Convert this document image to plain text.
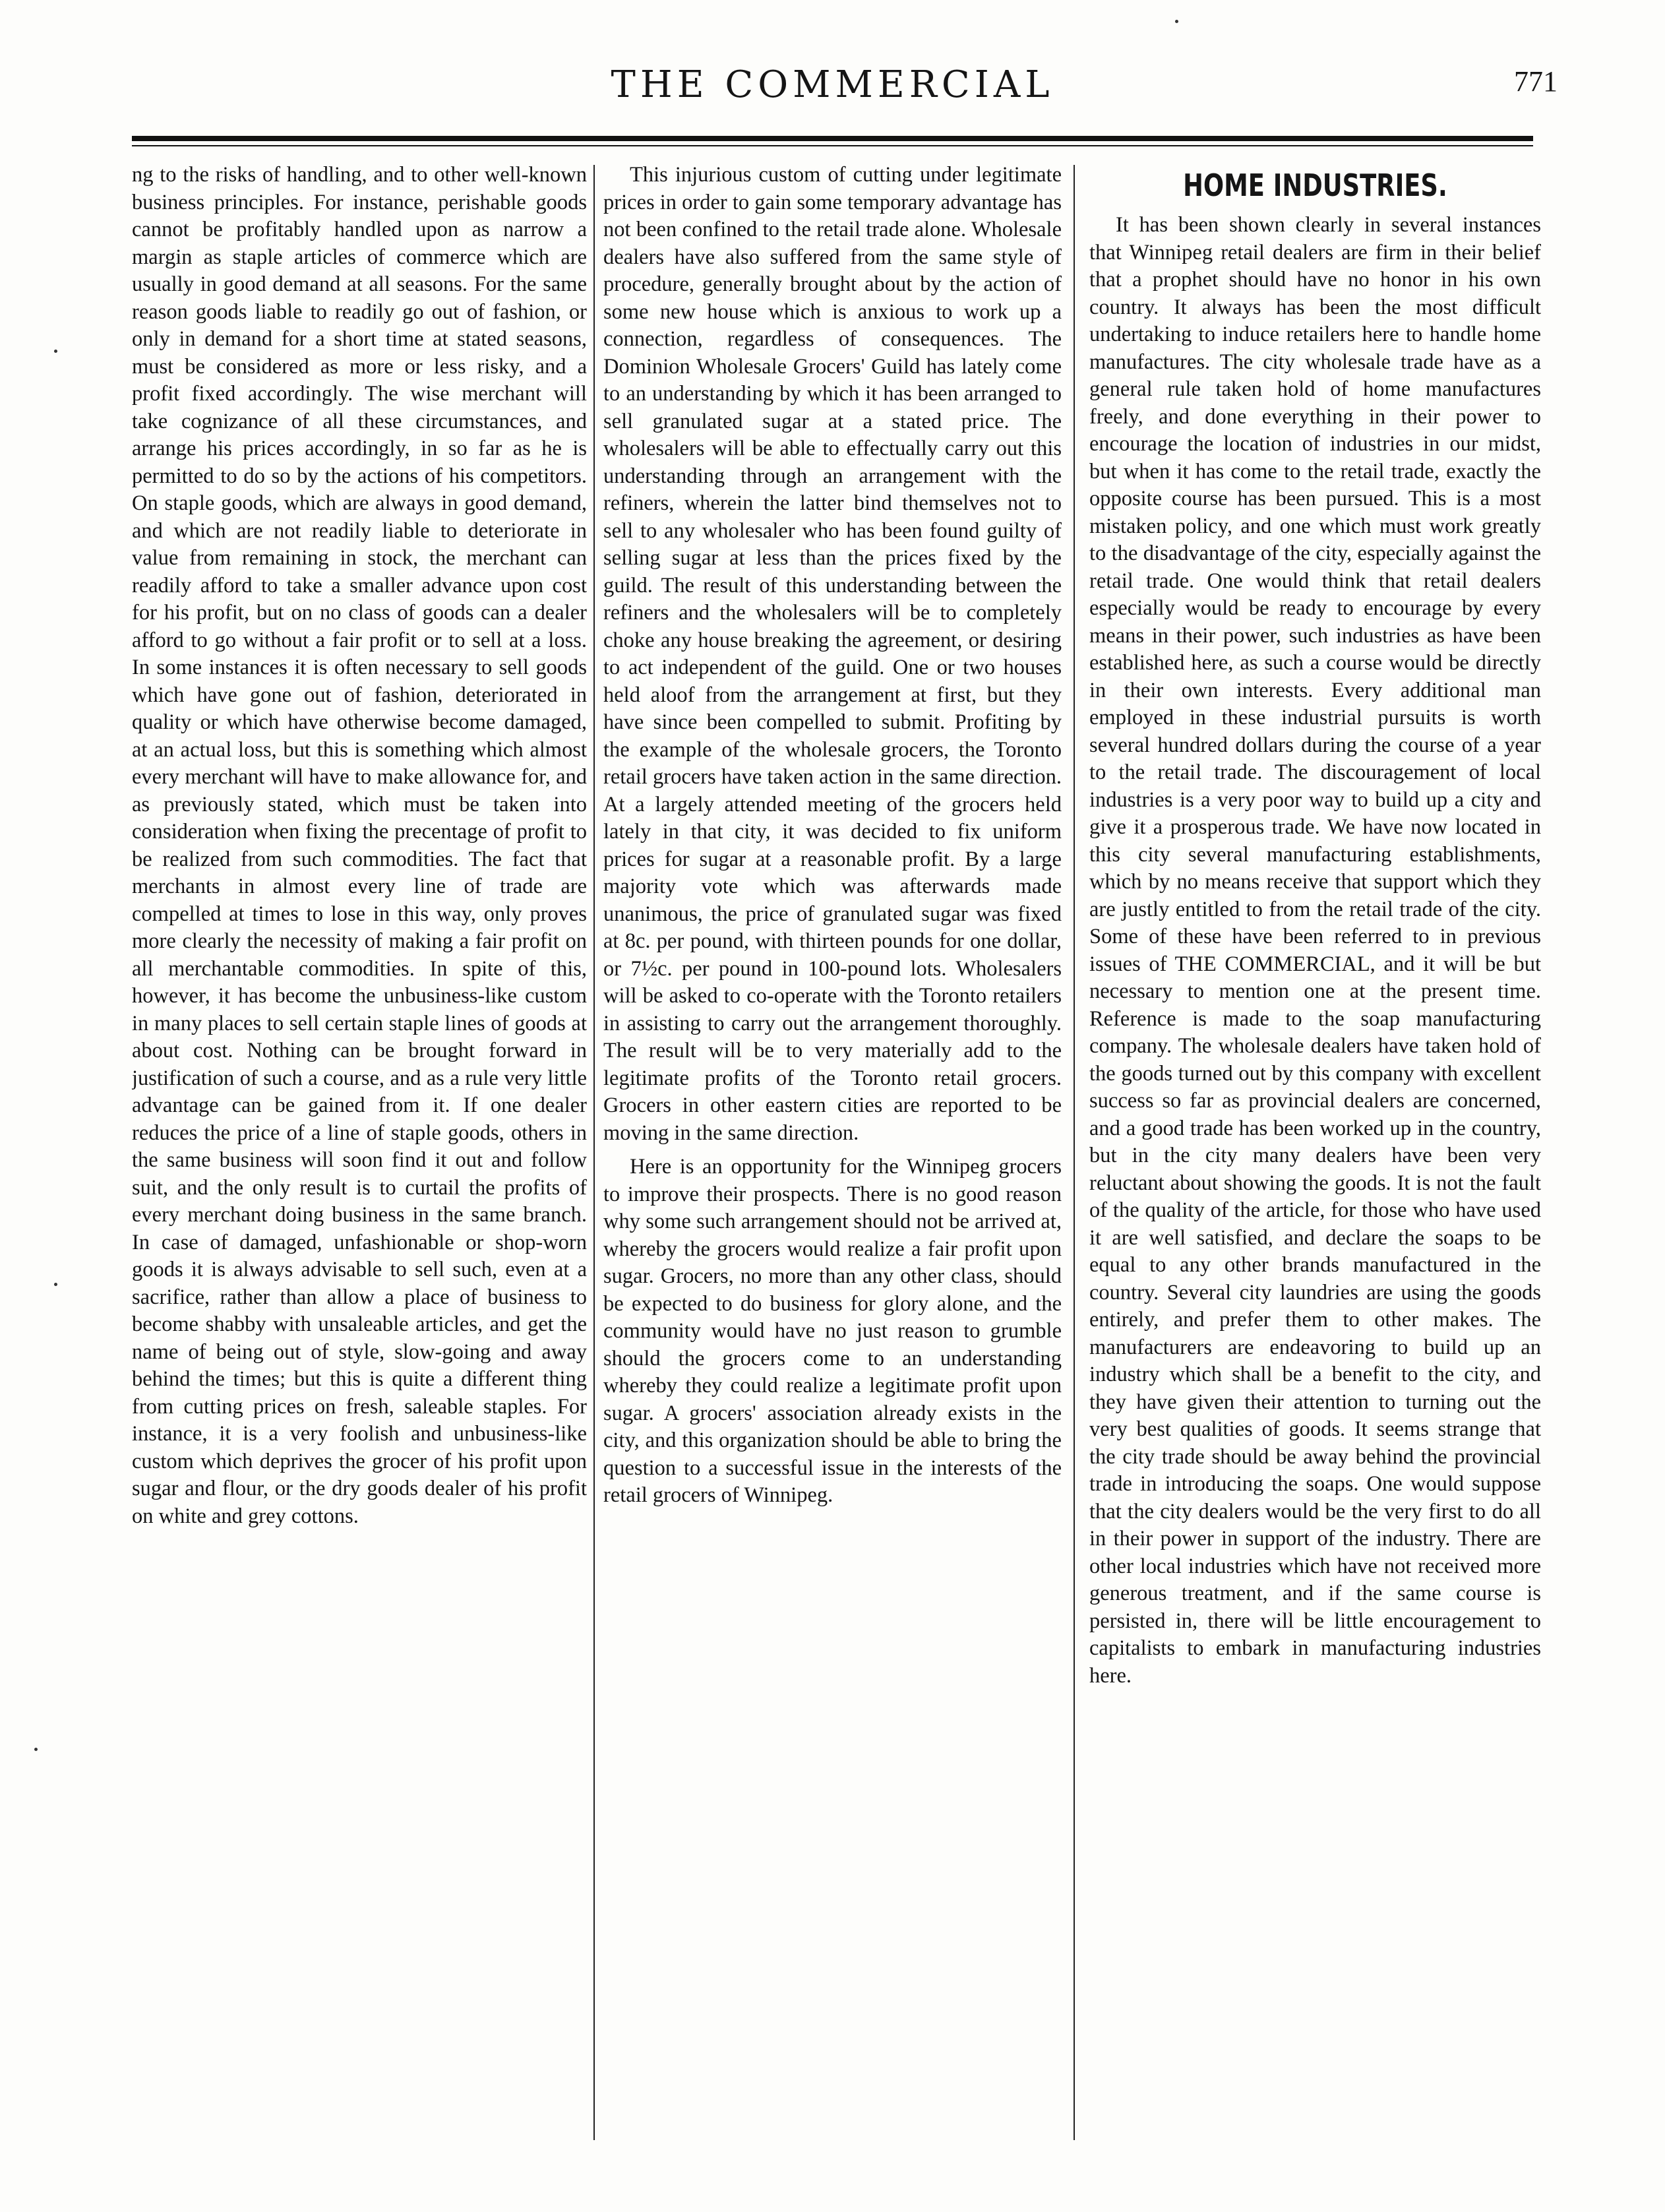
THE COMMERCIAL	771

ng to the risks of handling, and to other well-known business principles. For instance, perishable goods cannot be profitably handled upon as narrow a margin as staple articles of commerce which are usually in good demand at all seasons. For the same reason goods liable to readily go out of fashion, or only in demand for a short time at stated seasons, must be considered as more or less risky, and a profit fixed accordingly. The wise merchant will take cognizance of all these circumstances, and arrange his prices accordingly, in so far as he is permitted to do so by the actions of his competitors. On staple goods, which are always in good demand, and which are not readily liable to deteriorate in value from remaining in stock, the merchant can readily afford to take a smaller advance upon cost for his profit, but on no class of goods can a dealer afford to go without a fair profit or to sell at a loss. In some instances it is often necessary to sell goods which have gone out of fashion, deteriorated in quality or which have otherwise become damaged, at an actual loss, but this is something which almost every merchant will have to make allowance for, and as previously stated, which must be taken into consideration when fixing the precentage of profit to be realized from such commodities. The fact that merchants in almost every line of trade are compelled at times to lose in this way, only proves more clearly the necessity of making a fair profit on all merchantable commodities. In spite of this, however, it has become the unbusiness-like custom in many places to sell certain staple lines of goods at about cost. Nothing can be brought forward in justification of such a course, and as a rule very little advantage can be gained from it. If one dealer reduces the price of a line of staple goods, others in the same business will soon find it out and follow suit, and the only result is to curtail the profits of every merchant doing business in the same branch. In case of damaged, unfashionable or shop-worn goods it is always advisable to sell such, even at a sacrifice, rather than allow a place of business to become shabby with unsaleable articles, and get the name of being out of style, slow-going and away behind the times; but this is quite a different thing from cutting prices on fresh, saleable staples. For instance, it is a very foolish and unbusiness-like custom which deprives the grocer of his profit upon sugar and flour, or the dry goods dealer of his profit on white and grey cottons.

This injurious custom of cutting under legitimate prices in order to gain some temporary advantage has not been confined to the retail trade alone. Wholesale dealers have also suffered from the same style of procedure, generally brought about by the action of some new house which is anxious to work up a connection, regardless of consequences. The Dominion Wholesale Grocers' Guild has lately come to an understanding by which it has been arranged to sell granulated sugar at a stated price. The wholesalers will be able to effectually carry out this understanding through an arrangement with the refiners, wherein the latter bind themselves not to sell to any wholesaler who has been found guilty of selling sugar at less than the prices fixed by the guild. The result of this understanding between the refiners and the wholesalers will be to completely choke any house breaking the agreement, or desiring to act independent of the guild. One or two houses held aloof from the arrangement at first, but they have since been compelled to submit. Profiting by the example of the wholesale grocers, the Toronto retail grocers have taken action in the same direction. At a largely attended meeting of the grocers held lately in that city, it was decided to fix uniform prices for sugar at a reasonable profit. By a large majority vote which was afterwards made unanimous, the price of granulated sugar was fixed at 8c. per pound, with thirteen pounds for one dollar, or 7½c. per pound in 100-pound lots. Wholesalers will be asked to co-operate with the Toronto retailers in assisting to carry out the arrangement thoroughly. The result will be to very materially add to the legitimate profits of the Toronto retail grocers. Grocers in other eastern cities are reported to be moving in the same direction.

Here is an opportunity for the Winnipeg grocers to improve their prospects. There is no good reason why some such arrangement should not be arrived at, whereby the grocers would realize a fair profit upon sugar. Grocers, no more than any other class, should be expected to do business for glory alone, and the community would have no just reason to grumble should the grocers come to an understanding whereby they could realize a legitimate profit upon sugar. A grocers' association already exists in the city, and this organization should be able to bring the question to a successful issue in the interests of the retail grocers of Winnipeg.

HOME INDUSTRIES.

It has been shown clearly in several instances that Winnipeg retail dealers are firm in their belief that a prophet should have no honor in his own country. It always has been the most difficult undertaking to induce retailers here to handle home manufactures. The city wholesale trade have as a general rule taken hold of home manufactures freely, and done everything in their power to encourage the location of industries in our midst, but when it has come to the retail trade, exactly the opposite course has been pursued. This is a most mistaken policy, and one which must work greatly to the disadvantage of the city, especially against the retail trade. One would think that retail dealers especially would be ready to encourage by every means in their power, such industries as have been established here, as such a course would be directly in their own interests. Every additional man employed in these industrial pursuits is worth several hundred dollars during the course of a year to the retail trade. The discouragement of local industries is a very poor way to build up a city and give it a prosperous trade. We have now located in this city several manufacturing establishments, which by no means receive that support which they are justly entitled to from the retail trade of the city. Some of these have been referred to in previous issues of THE COMMERCIAL, and it will be but necessary to mention one at the present time. Reference is made to the soap manufacturing company. The wholesale dealers have taken hold of the goods turned out by this company with excellent success so far as provincial dealers are concerned, and a good trade has been worked up in the country, but in the city many dealers have been very reluctant about showing the goods. It is not the fault of the quality of the article, for those who have used it are well satisfied, and declare the soaps to be equal to any other brands manufactured in the country. Several city laundries are using the goods entirely, and prefer them to other makes. The manufacturers are endeavoring to build up an industry which shall be a benefit to the city, and they have given their attention to turning out the very best qualities of goods. It seems strange that the city trade should be away behind the provincial trade in introducing the soaps. One would suppose that the city dealers would be the very first to do all in their power in support of the industry. There are other local industries which have not received more generous treatment, and if the same course is persisted in, there will be little encouragement to capitalists to embark in manufacturing industries here.
